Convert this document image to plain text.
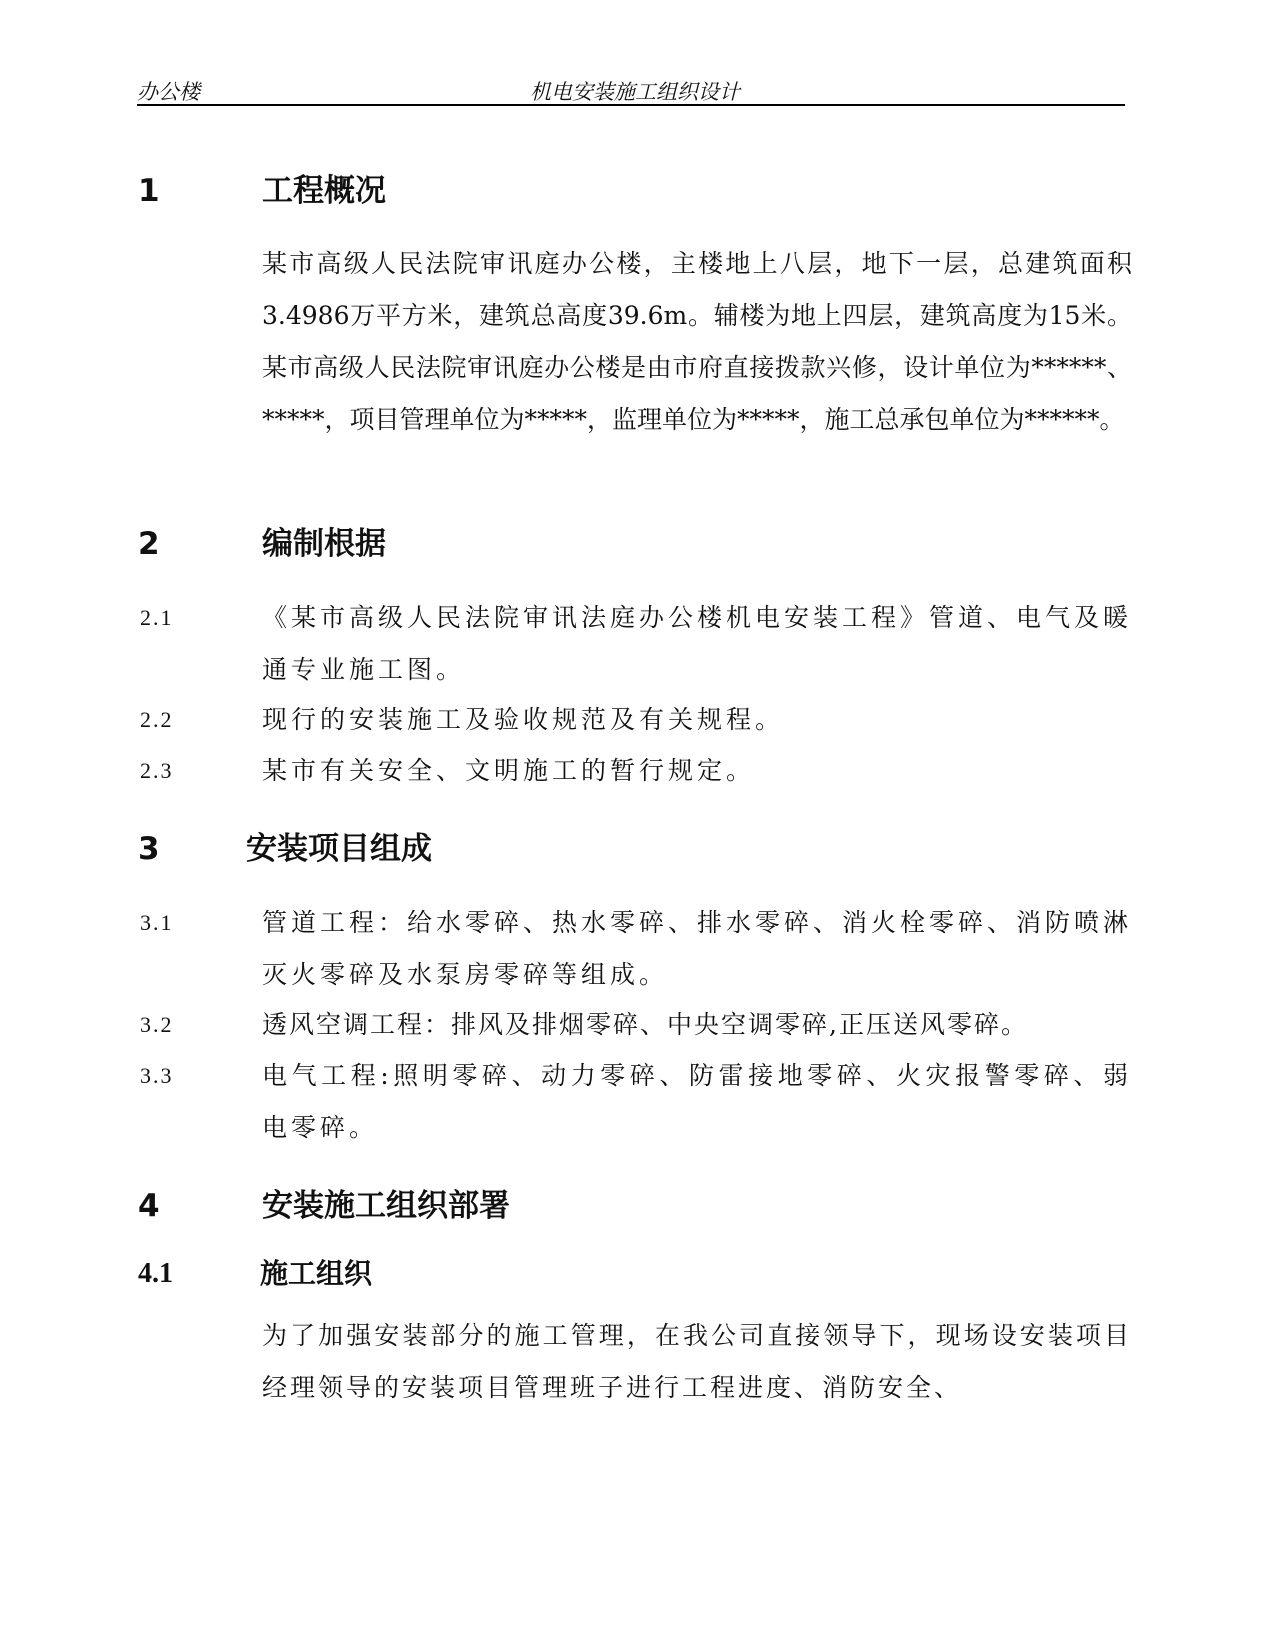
办公楼	机电安装施工组织设计
1	工程概况
某市高级人民法院审讯庭办公楼，主楼地上八层，地下一层，总建筑面积3.4986万平方米，建筑总高度39.6m。辅楼为地上四层，建筑高度为15米。某市高级人民法院审讯庭办公楼是由市府直接拨款兴修，设计单位为******、*****，项目管理单位为*****，监理单位为*****，施工总承包单位为******。
2	编制根据
2.1	《某市高级人民法院审讯法庭办公楼机电安装工程》管道、电气及暖通专业施工图。
2.2	现行的安装施工及验收规范及有关规程。
2.3	某市有关安全、文明施工的暂行规定。
3	安装项目组成
3.1	管道工程：给水零碎、热水零碎、排水零碎、消火栓零碎、消防喷淋灭火零碎及水泵房零碎等组成。
3.2	透风空调工程：排风及排烟零碎、中央空调零碎,正压送风零碎。
3.3	电气工程:照明零碎、动力零碎、防雷接地零碎、火灾报警零碎、弱电零碎。
4	安装施工组织部署
4.1	施工组织
为了加强安装部分的施工管理，在我公司直接领导下，现场设安装项目经理领导的安装项目管理班子进行工程进度、消防安全、
